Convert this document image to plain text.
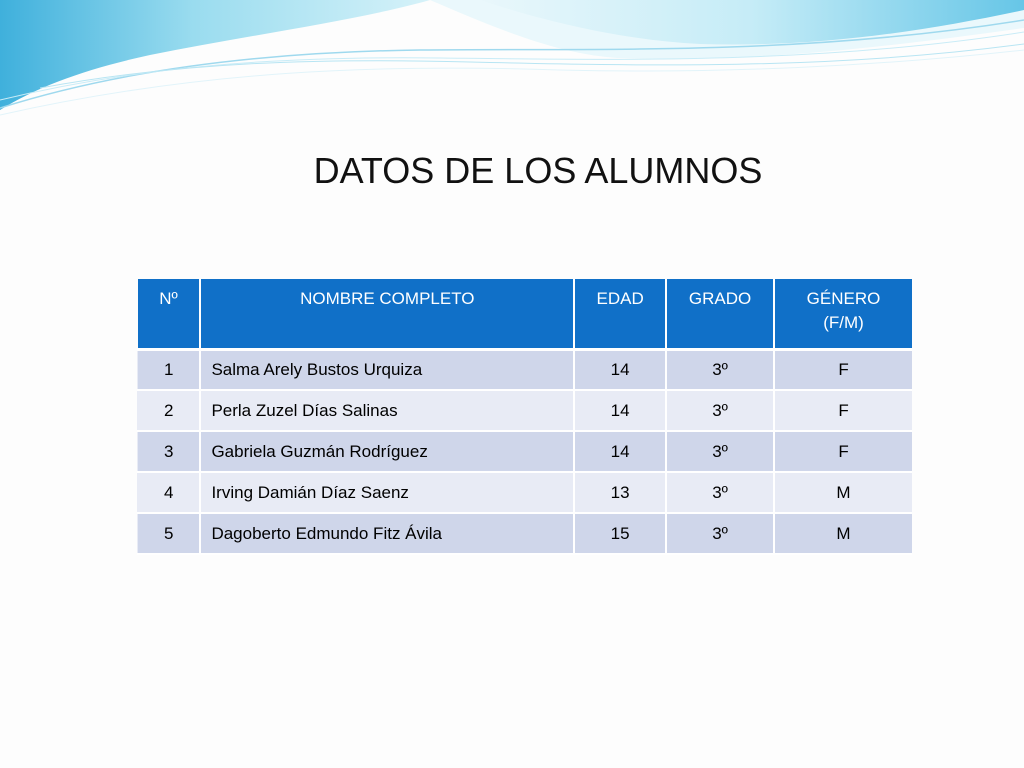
DATOS DE LOS ALUMNOS
Nº	NOMBRE COMPLETO	EDAD	GRADO	GÉNERO
(F/M)
1	Salma Arely Bustos Urquiza	14	3º	F
2	Perla Zuzel Días Salinas	14	3º	F
3	Gabriela Guzmán Rodríguez	14	3º	F
4	Irving Damián Díaz Saenz	13	3º	M
5	Dagoberto Edmundo Fitz Ávila	15	3º	M
